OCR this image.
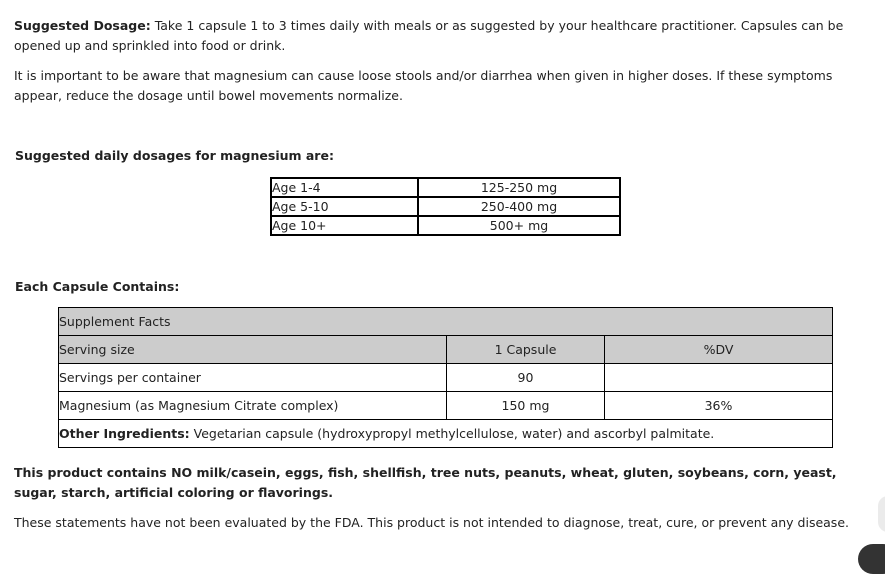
Suggested Dosage: Take 1 capsule 1 to 3 times daily with meals or as suggested by your healthcare practitioner. Capsules can be opened up and sprinkled into food or drink.

It is important to be aware that magnesium can cause loose stools and/or diarrhea when given in higher doses. If these symptoms appear, reduce the dosage until bowel movements normalize.

Suggested daily dosages for magnesium are:

Age 1-4	125-250 mg
Age 5-10	250-400 mg
Age 10+	500+ mg

Each Capsule Contains:

Supplement Facts		
Serving size	1 Capsule	%DV
Servings per container	90	
Magnesium (as Magnesium Citrate complex)	150 mg	36%
Other Ingredients: Vegetarian capsule (hydroxypropyl methylcellulose, water) and ascorbyl palmitate.		

This product contains NO milk/casein, eggs, fish, shellfish, tree nuts, peanuts, wheat, gluten, soybeans, corn, yeast, sugar, starch, artificial coloring or flavorings.

These statements have not been evaluated by the FDA. This product is not intended to diagnose, treat, cure, or prevent any disease.
